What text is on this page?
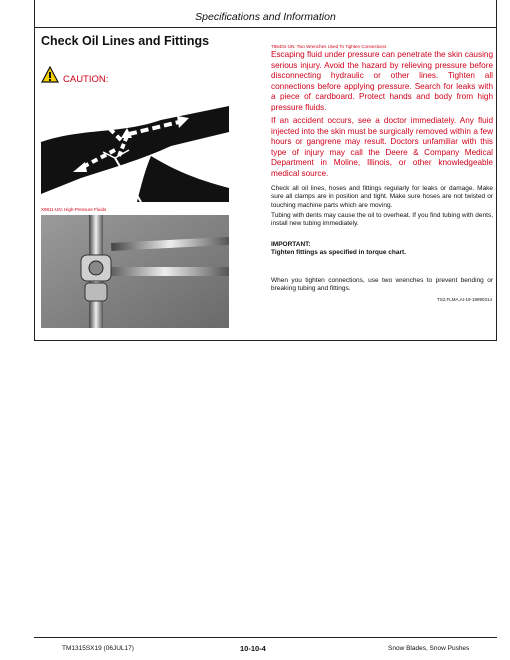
Specifications and Information
Check Oil Lines and Fittings
CAUTION:
X9811-UN: High-Pressure Fluids
T86401-UN: Two Wrenches Used To Tighten Connections
Escaping fluid under pressure can penetrate the skin causing serious injury. Avoid the hazard by relieving pressure before disconnecting hydraulic or other lines. Tighten all connections before applying pressure. Search for leaks with a piece of cardboard. Protect hands and body from high pressure fluids.
If an accident occurs, see a doctor immediately. Any fluid injected into the skin must be surgically removed within a few hours or gangrene may result. Doctors unfamiliar with this type of injury may call the Deere & Company Medical Department in Moline, Illinois, or other knowledgeable medical source.
Check all oil lines, hoses and fittings regularly for leaks or damage. Make sure all clamps are in position and tight. Make sure hoses are not twisted or touching machine parts which are moving.
Tubing with dents may cause the oil to overheat. If you find tubing with dents, install new tubing immediately.
IMPORTANT:
Tighten fittings as specified in torque chart.
When you tighten connections, use two wrenches to prevent bending or breaking tubing and fittings.
TS2,FLMA,AI-19-19990314
TM1315SX19 (06JUL17)	10-10-4	Snow Blades, Snow Pushes
